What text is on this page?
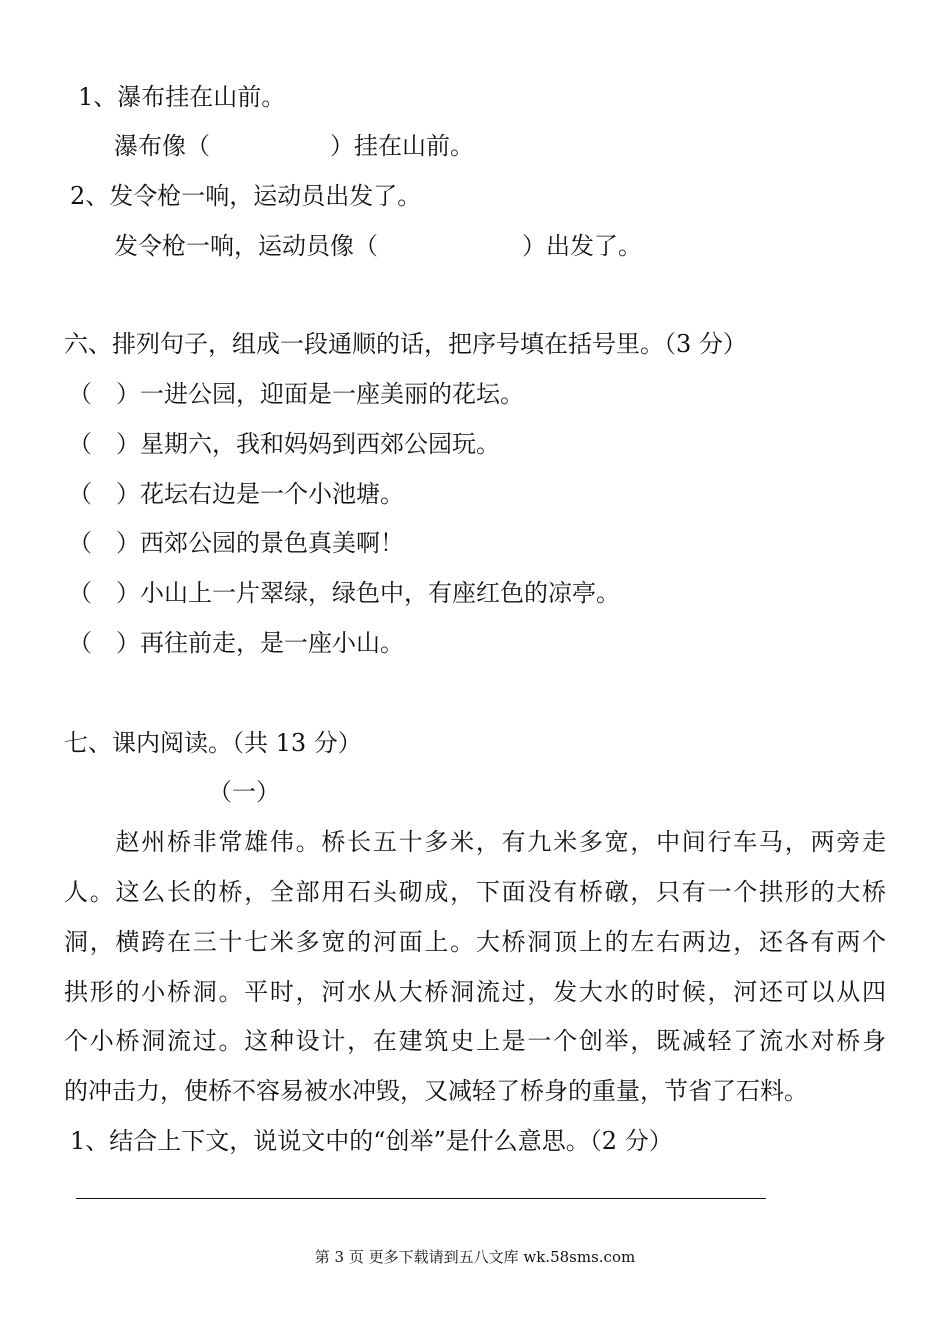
1、瀑布挂在山前。
瀑布像（　　　　　）挂在山前。
2、发令枪一响，运动员出发了。
发令枪一响，运动员像（　　　　　　）出发了。
六、排列句子，组成一段通顺的话，把序号填在括号里。（3 分）
（　）一进公园，迎面是一座美丽的花坛。
（　）星期六，我和妈妈到西郊公园玩。
（　）花坛右边是一个小池塘。
（　）西郊公园的景色真美啊！
（　）小山上一片翠绿，绿色中，有座红色的凉亭。
（　）再往前走，是一座小山。
七、课内阅读。（共 13 分）
（一）
　　赵州桥非常雄伟。桥长五十多米，有九米多宽，中间行车马，两旁走
人。这么长的桥，全部用石头砌成，下面没有桥礅，只有一个拱形的大桥
洞，横跨在三十七米多宽的河面上。大桥洞顶上的左右两边，还各有两个
拱形的小桥洞。平时，河水从大桥洞流过，发大水的时候，河还可以从四
个小桥洞流过。这种设计，在建筑史上是一个创举，既减轻了流水对桥身
的冲击力，使桥不容易被水冲毁，又减轻了桥身的重量，节省了石料。
1、结合上下文，说说文中的“创举”是什么意思。（2 分）
第 3 页 更多下载请到五八文库 wk.58sms.com
